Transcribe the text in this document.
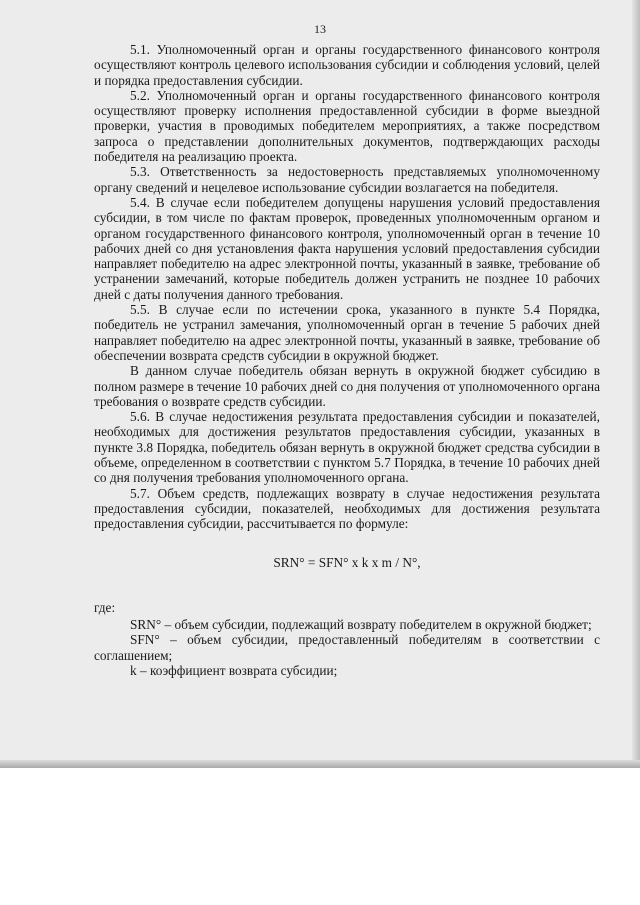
13

5.1. Уполномоченный орган и органы государственного финансового контроля осуществляют контроль целевого использования субсидии и соблюдения условий, целей и порядка предоставления субсидии.

5.2. Уполномоченный орган и органы государственного финансового контроля осуществляют проверку исполнения предоставленной субсидии в форме выездной проверки, участия в проводимых победителем мероприятиях, а также посредством запроса о представлении дополнительных документов, подтверждающих расходы победителя на реализацию проекта.

5.3. Ответственность за недостоверность представляемых уполномоченному органу сведений и нецелевое использование субсидии возлагается на победителя.

5.4. В случае если победителем допущены нарушения условий предоставления субсидии, в том числе по фактам проверок, проведенных уполномоченным органом и органом государственного финансового контроля, уполномоченный орган в течение 10 рабочих дней со дня установления факта нарушения условий предоставления субсидии направляет победителю на адрес электронной почты, указанный в заявке, требование об устранении замечаний, которые победитель должен устранить не позднее 10 рабочих дней с даты получения данного требования.

5.5. В случае если по истечении срока, указанного в пункте 5.4 Порядка, победитель не устранил замечания, уполномоченный орган в течение 5 рабочих дней направляет победителю на адрес электронной почты, указанный в заявке, требование об обеспечении возврата средств субсидии в окружной бюджет.

В данном случае победитель обязан вернуть в окружной бюджет субсидию в полном размере в течение 10 рабочих дней со дня получения от уполномоченного органа требования о возврате средств субсидии.

5.6. В случае недостижения результата предоставления субсидии и показателей, необходимых для достижения результатов предоставления субсидии, указанных в пункте 3.8 Порядка, победитель обязан вернуть в окружной бюджет средства субсидии в объеме, определенном в соответствии с пунктом 5.7 Порядка, в течение 10 рабочих дней со дня получения требования уполномоченного органа.

5.7. Объем средств, подлежащих возврату в случае недостижения результата предоставления субсидии, показателей, необходимых для достижения результата предоставления субсидии, рассчитывается по формуле:

SRN° = SFN° x k x m / N°,

где:

SRN° – объем субсидии, подлежащий возврату победителем в окружной бюджет;

SFN° – объем субсидии, предоставленный победителям в соответствии с соглашением;

k – коэффициент возврата субсидии;
